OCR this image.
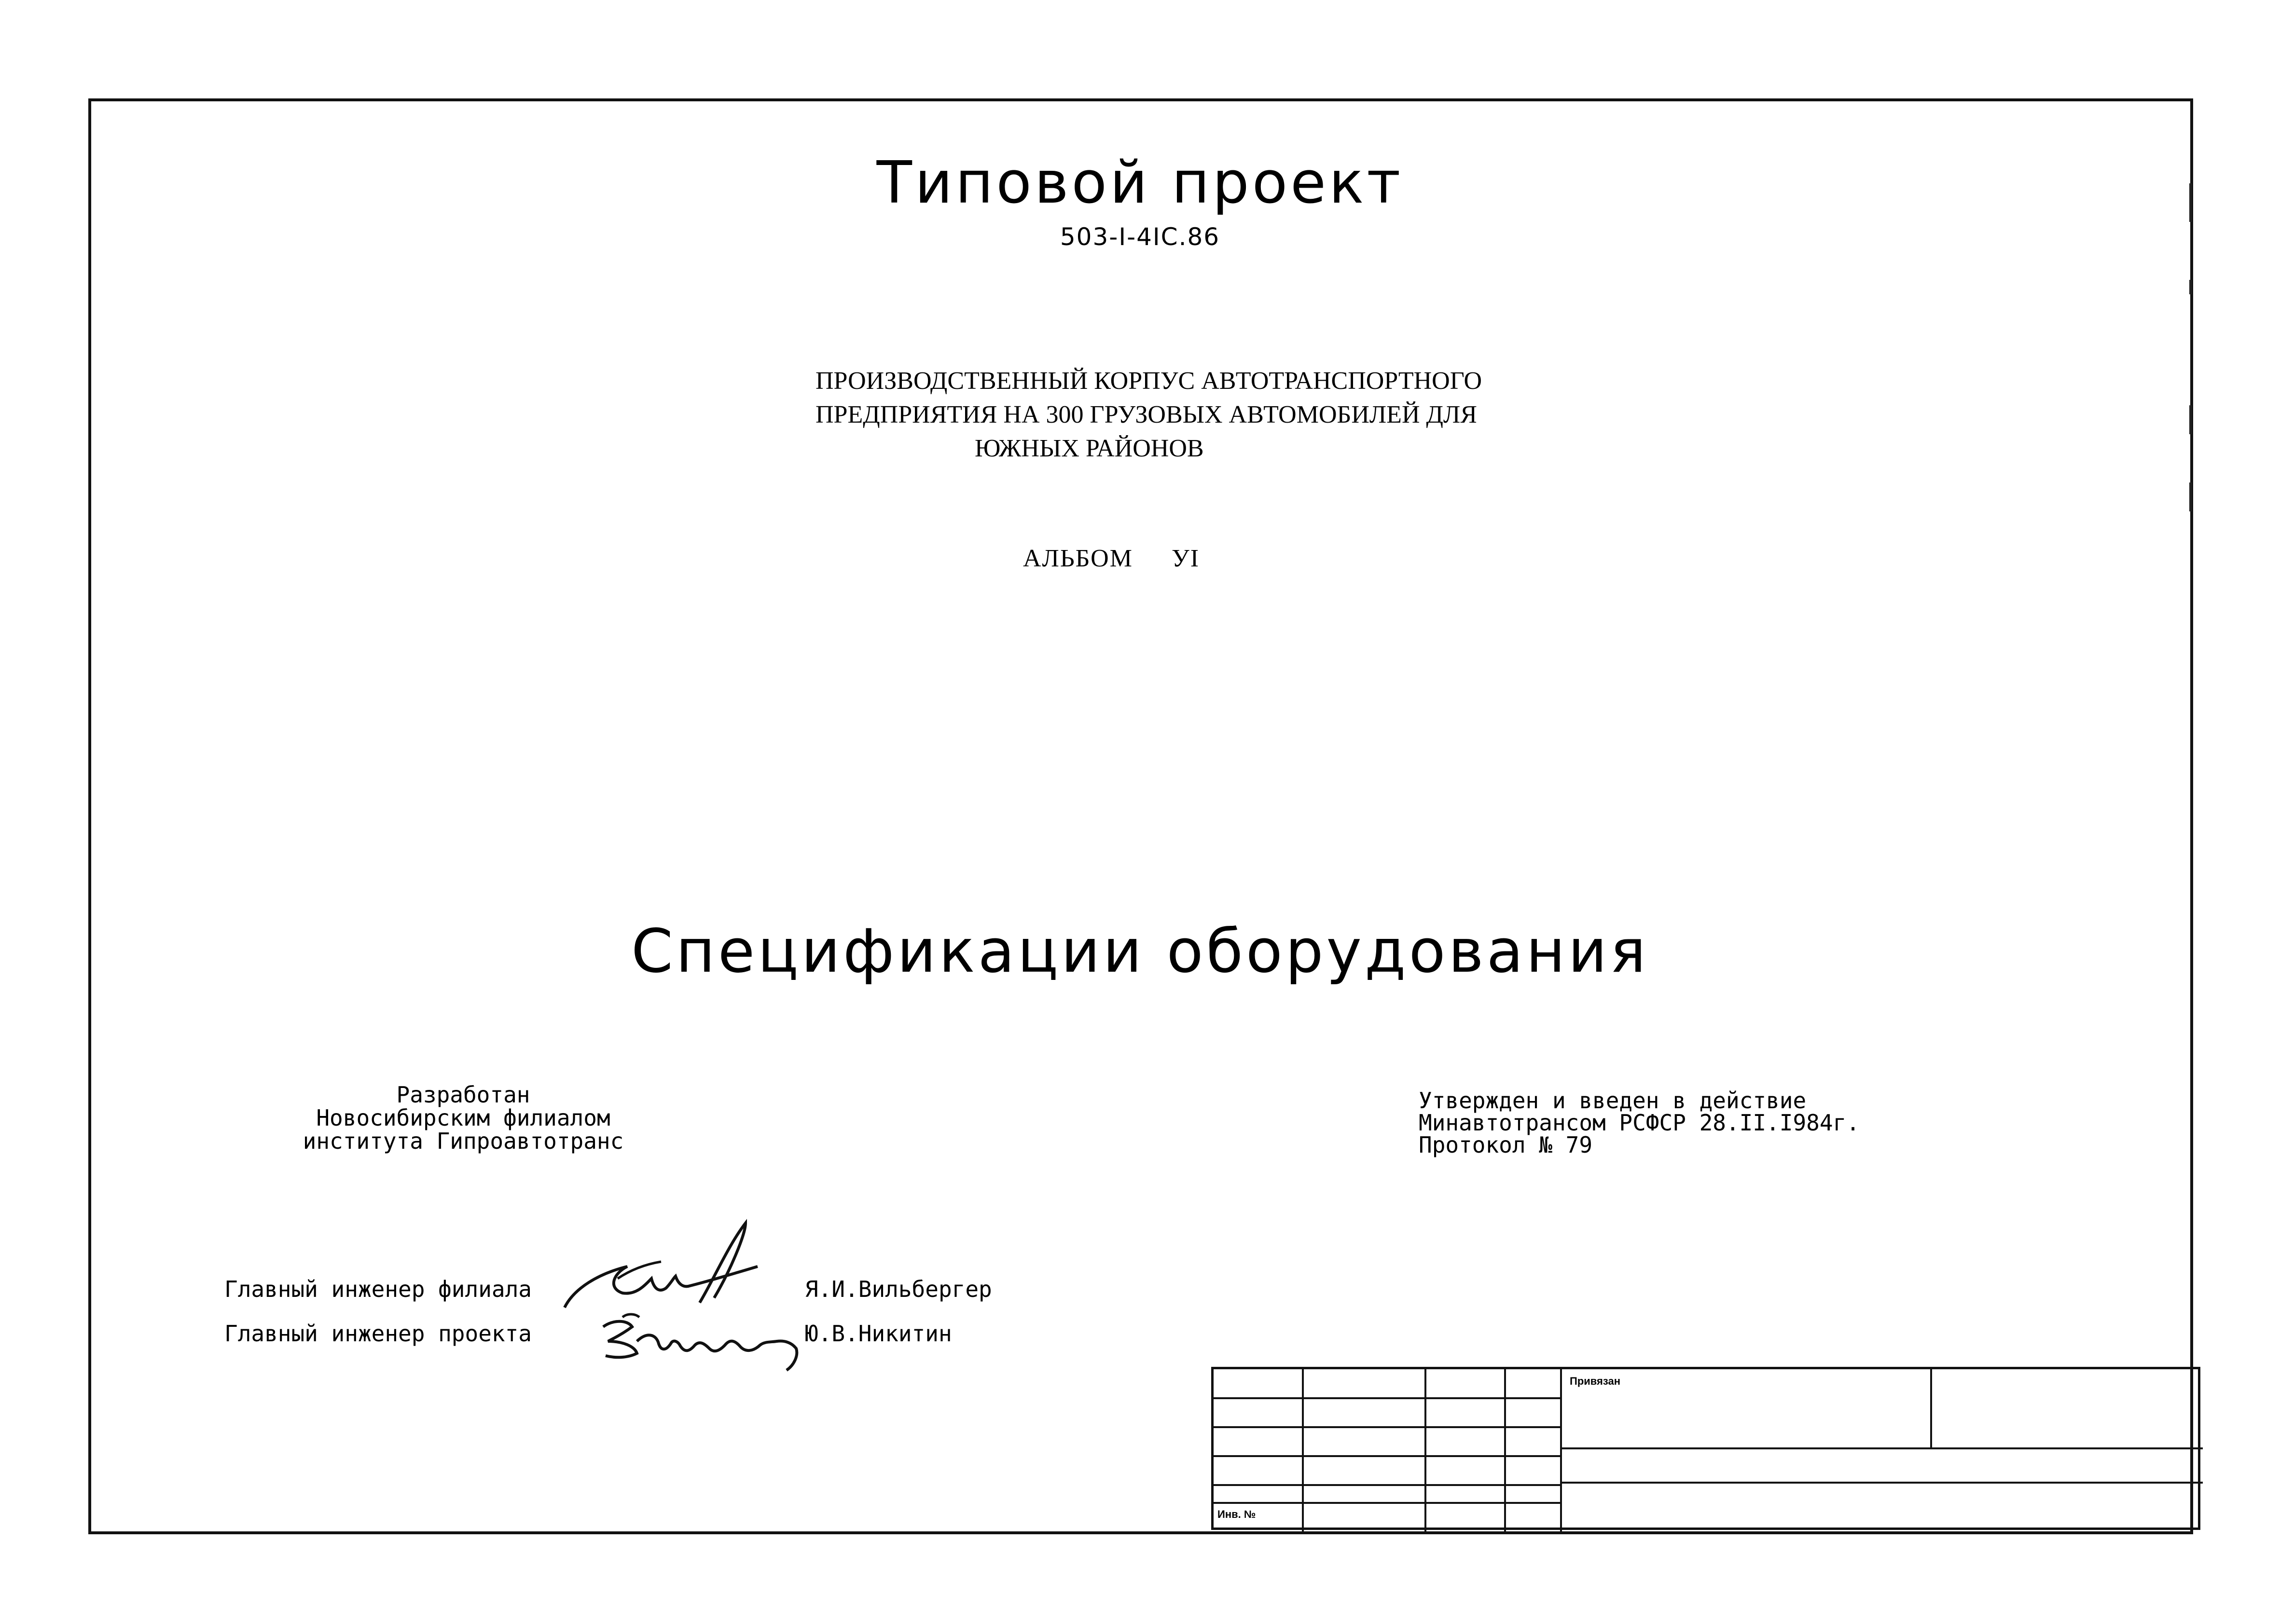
Типовой проект
503-I-4IC.86
ПРОИЗВОДСТВЕННЫЙ КОРПУС АВТОТРАНСПОРТНОГО
ПРЕДПРИЯТИЯ НА 300 ГРУЗОВЫХ АВТОМОБИЛЕЙ ДЛЯ
ЮЖНЫХ РАЙОНОВ
АЛЬБОМ УI
Спецификации оборудования
Разработан
Новосибирским филиалом
института Гипроавтотранс
Утвержден и введен в действие
Минавтотрансом РСФСР 28.II.I984г.
Протокол № 79
Главный инженер филиала	Я.И.Вильбергер
Главный инженер проекта	Ю.В.Никитин
Привязан
Инв. №
